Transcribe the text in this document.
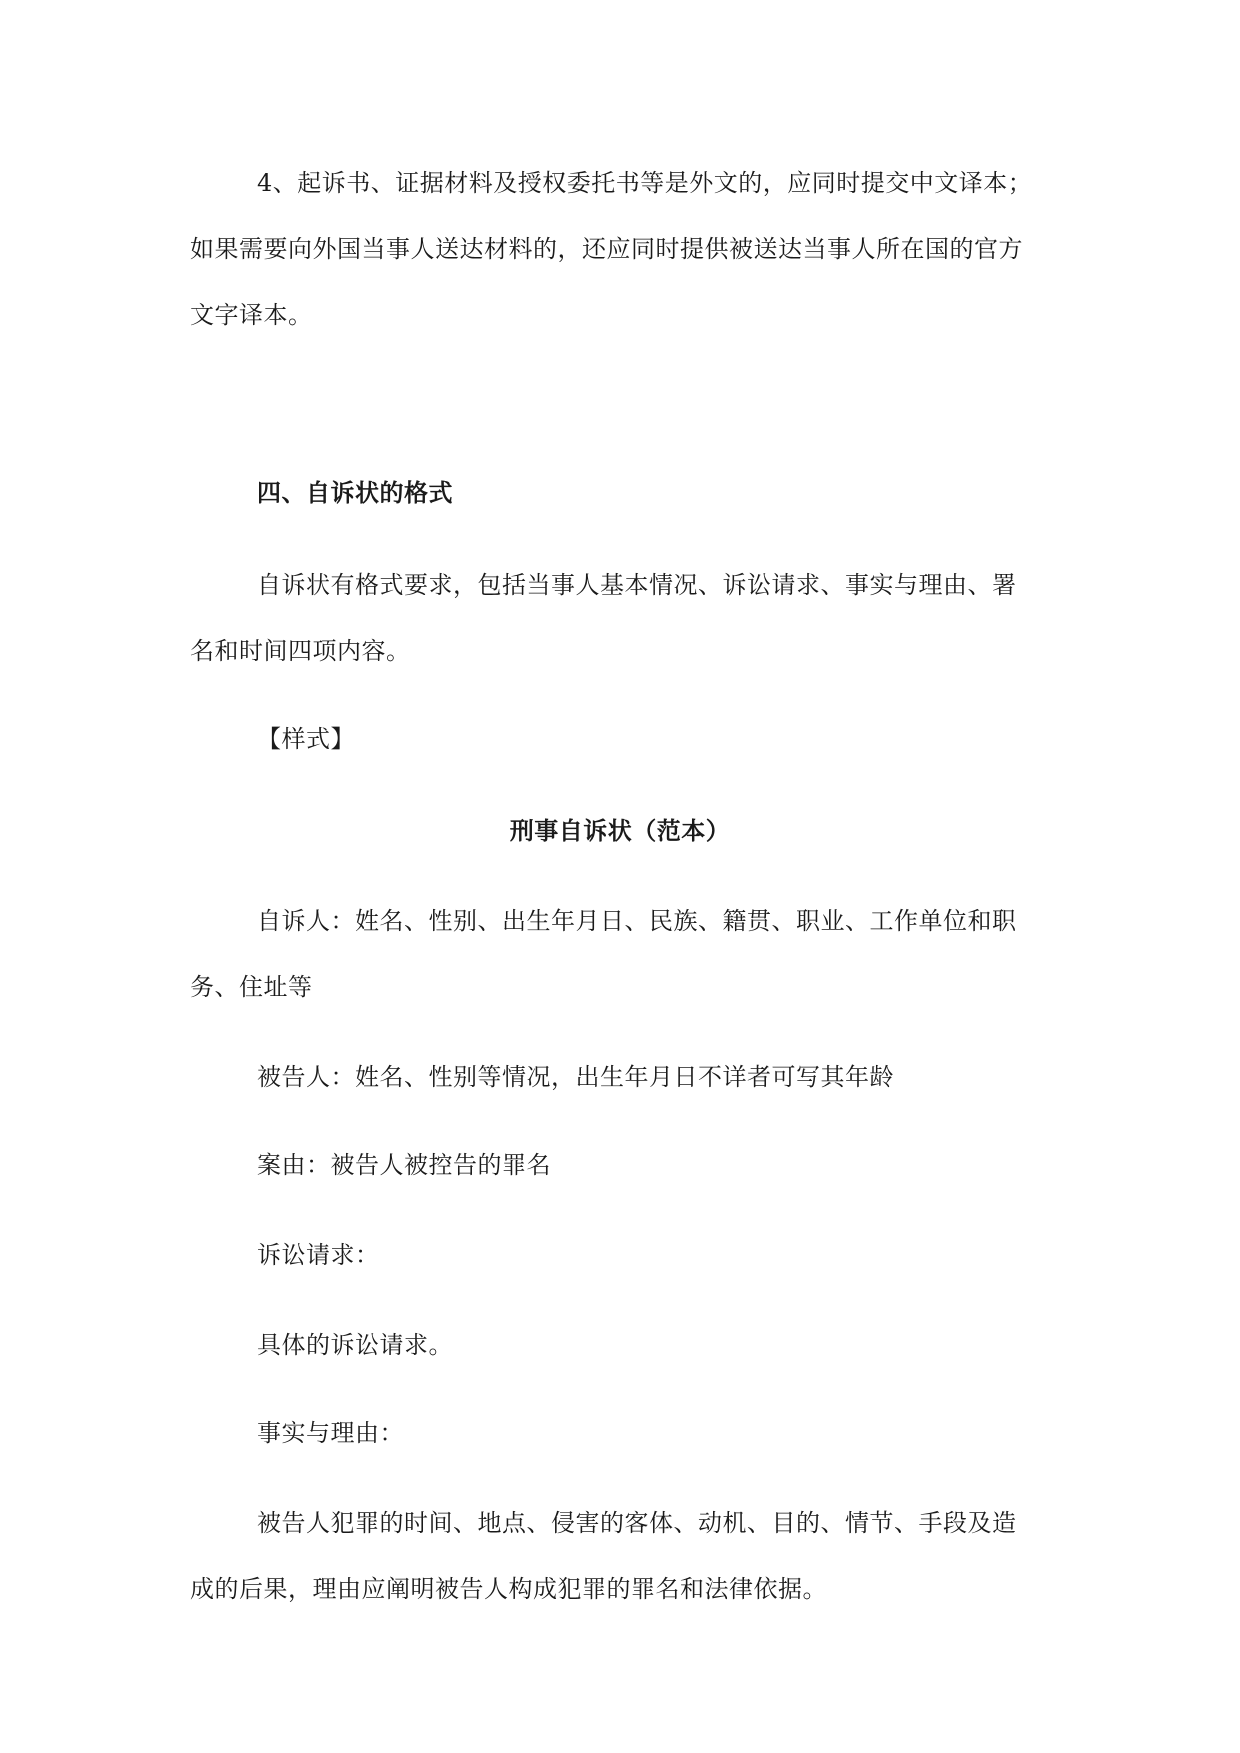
4、起诉书、证据材料及授权委托书等是外文的，应同时提交中文译本；
如果需要向外国当事人送达材料的，还应同时提供被送达当事人所在国的官方
文字译本。
四、自诉状的格式
自诉状有格式要求，包括当事人基本情况、诉讼请求、事实与理由、署
名和时间四项内容。
【样式】
刑事自诉状（范本）
自诉人：姓名、性别、出生年月日、民族、籍贯、职业、工作单位和职
务、住址等
被告人：姓名、性别等情况，出生年月日不详者可写其年龄
案由：被告人被控告的罪名
诉讼请求：
具体的诉讼请求。
事实与理由：
被告人犯罪的时间、地点、侵害的客体、动机、目的、情节、手段及造
成的后果，理由应阐明被告人构成犯罪的罪名和法律依据。
